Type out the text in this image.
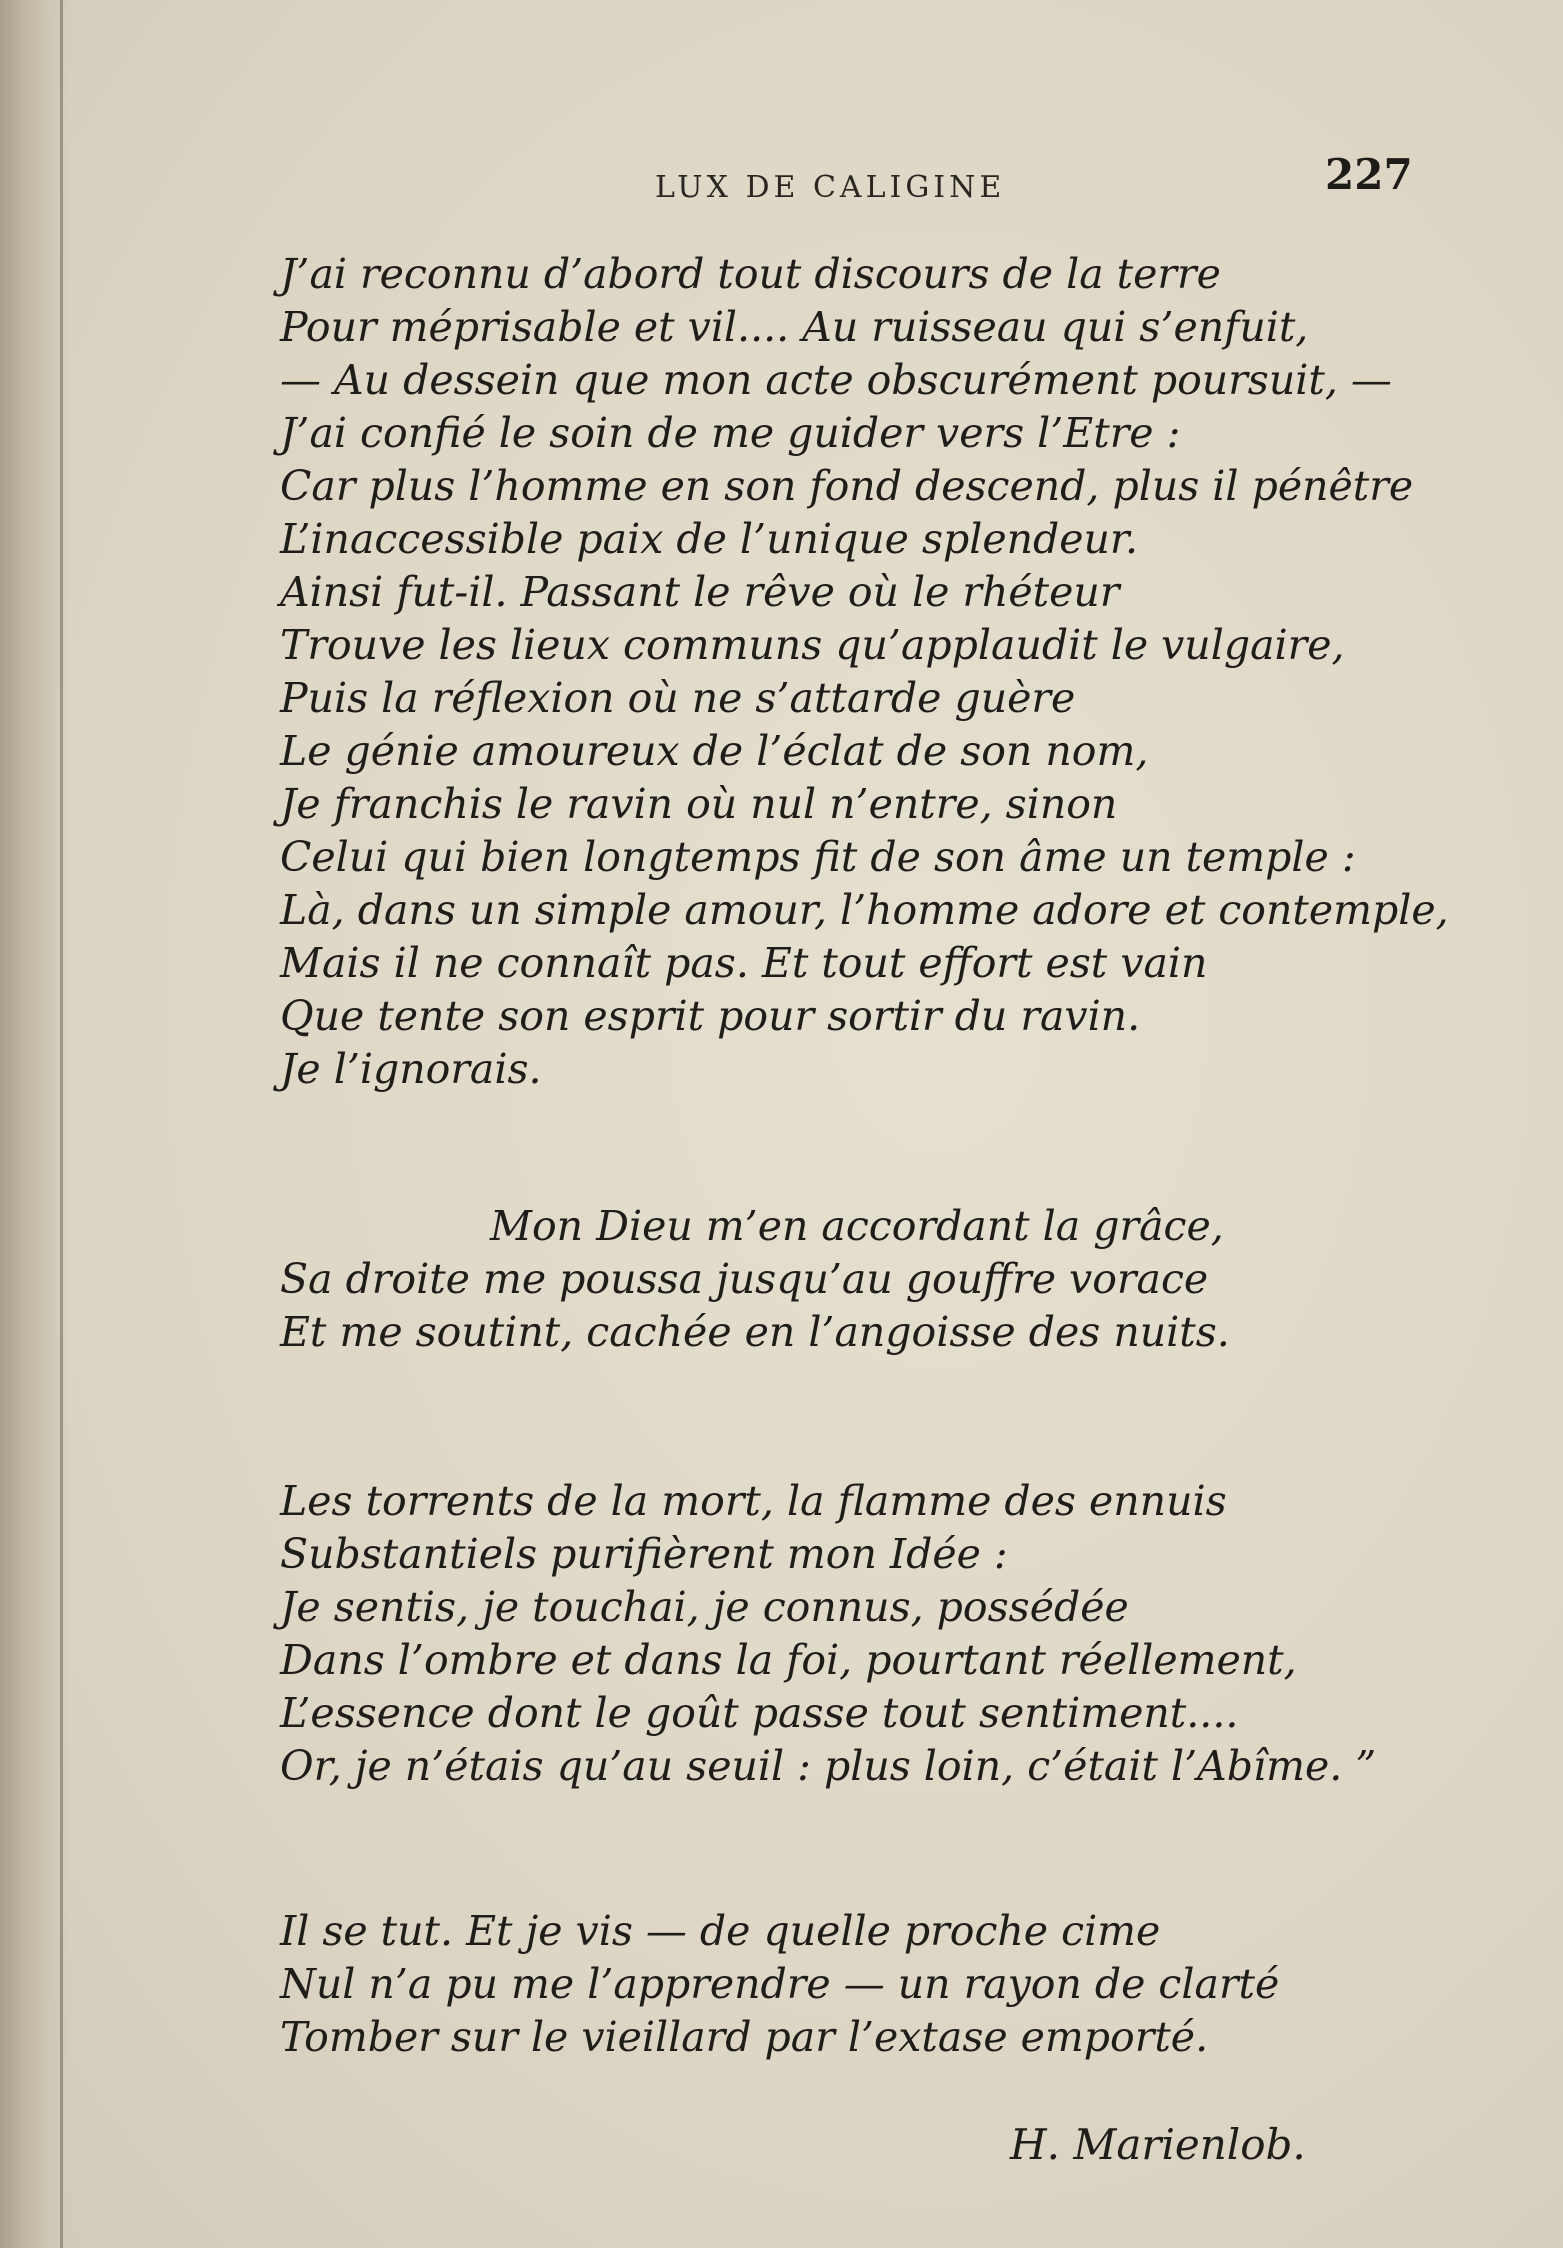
LUX DE CALIGINE	227
J’ai reconnu d’abord tout discours de la terre
Pour méprisable et vil.... Au ruisseau qui s’enfuit,
— Au dessein que mon acte obscurément poursuit, —
J’ai confié le soin de me guider vers l’Etre :
Car plus l’homme en son fond descend, plus il pénêtre
L’inaccessible paix de l’unique splendeur.
Ainsi fut-il. Passant le rêve où le rhéteur
Trouve les lieux communs qu’applaudit le vulgaire,
Puis la réflexion où ne s’attarde guère
Le génie amoureux de l’éclat de son nom,
Je franchis le ravin où nul n’entre, sinon
Celui qui bien longtemps fit de son âme un temple :
Là, dans un simple amour, l’homme adore et contemple,
Mais il ne connaît pas. Et tout effort est vain
Que tente son esprit pour sortir du ravin.
Je l’ignorais.
Mon Dieu m’en accordant la grâce,
Sa droite me poussa jusqu’au gouffre vorace
Et me soutint, cachée en l’angoisse des nuits.
Les torrents de la mort, la flamme des ennuis
Substantiels purifièrent mon Idée :
Je sentis, je touchai, je connus, possédée
Dans l’ombre et dans la foi, pourtant réellement,
L’essence dont le goût passe tout sentiment....
Or, je n’étais qu’au seuil : plus loin, c’était l’Abîme. ”
Il se tut. Et je vis — de quelle proche cime
Nul n’a pu me l’apprendre — un rayon de clarté
Tomber sur le vieillard par l’extase emporté.
H. Marienlob.
